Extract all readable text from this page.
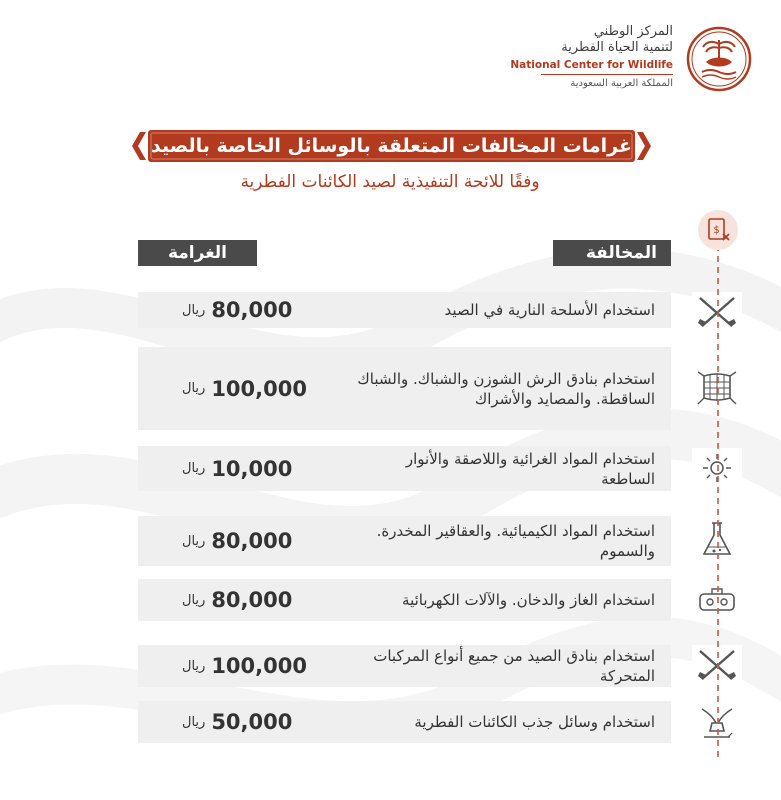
المركز الوطني
لتنمية الحياة الفطرية
National Center for Wildlife
المملكة العربية السعودية
غرامات المخالفات المتعلقة بالوسائل الخاصة بالصيد
وفقًا للائحة التنفيذية لصيد الكائنات الفطرية
المخالفة
الغرامة
$
استخدام الأسلحة النارية في الصيد
ريال 80,000
استخدام بنادق الرش الشوزن والشباك. والشباك الساقطة. والمصايد والأشراك
ريال 100,000
استخدام المواد الغرائية واللاصقة والأنوار الساطعة
ريال 10,000
استخدام المواد الكيميائية. والعقاقير المخدرة. والسموم
ريال 80,000
استخدام الغاز والدخان. والآلات الكهربائية
ريال 80,000
استخدام بنادق الصيد من جميع أنواع المركبات المتحركة
ريال 100,000
استخدام وسائل جذب الكائنات الفطرية
ريال 50,000
